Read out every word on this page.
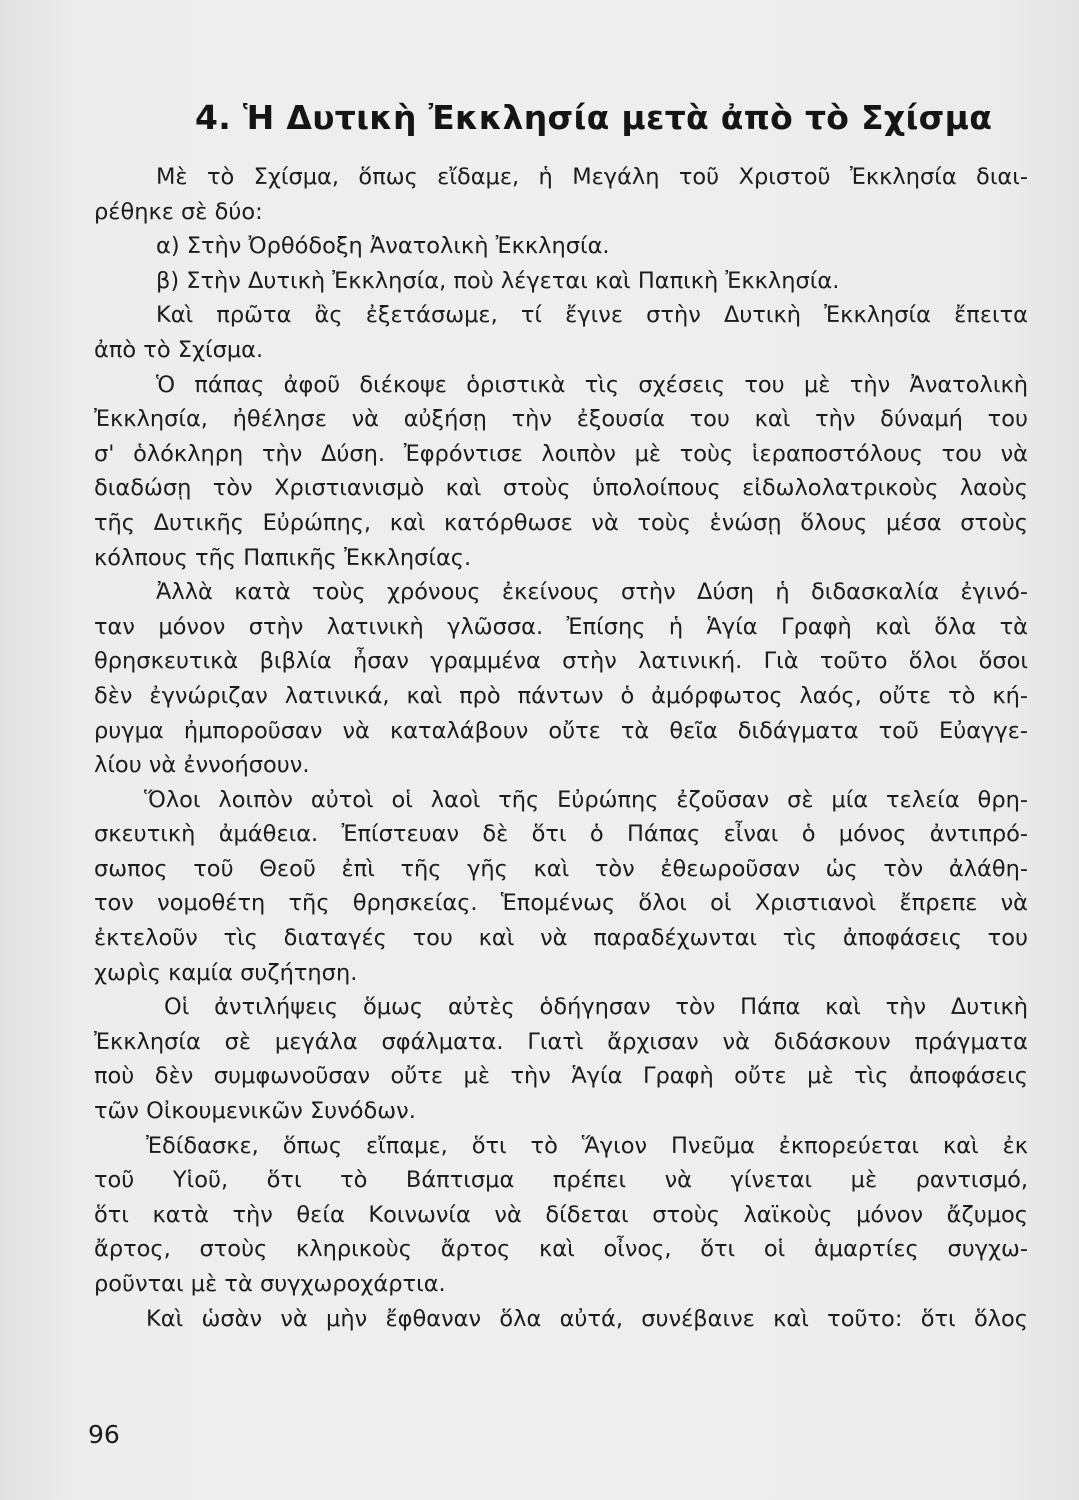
4. Ἡ Δυτικὴ Ἐκκλησία μετὰ ἀπὸ τὸ Σχίσμα
Μὲ τὸ Σχίσμα, ὅπως εἴδαμε, ἡ Μεγάλη τοῦ Χριστοῦ Ἐκκλησία διαι-
ρέθηκε σὲ δύο:
α) Στὴν Ὀρθόδοξη Ἀνατολικὴ Ἐκκλησία.
β) Στὴν Δυτικὴ Ἐκκλησία, ποὺ λέγεται καὶ Παπικὴ Ἐκκλησία.
Καὶ πρῶτα ἂς ἐξετάσωμε, τί ἔγινε στὴν Δυτικὴ Ἐκκλησία ἔπειτα
ἀπὸ τὸ Σχίσμα.
Ὁ πάπας ἀφοῦ διέκοψε ὁριστικὰ τὶς σχέσεις του μὲ τὴν Ἀνατολικὴ
Ἐκκλησία, ἠθέλησε νὰ αὐξήσῃ τὴν ἐξουσία του καὶ τὴν δύναμή του
σ' ὁλόκληρη τὴν Δύση. Ἐφρόντισε λοιπὸν μὲ τοὺς ἱεραποστόλους του νὰ
διαδώσῃ τὸν Χριστιανισμὸ καὶ στοὺς ὑπολοίπους εἰδωλολατρικοὺς λαοὺς
τῆς Δυτικῆς Εὐρώπης, καὶ κατόρθωσε νὰ τοὺς ἑνώσῃ ὅλους μέσα στοὺς
κόλπους τῆς Παπικῆς Ἐκκλησίας.
Ἀλλὰ κατὰ τοὺς χρόνους ἐκείνους στὴν Δύση ἡ διδασκαλία ἐγινό-
ταν μόνον στὴν λατινικὴ γλῶσσα. Ἐπίσης ἡ Ἁγία Γραφὴ καὶ ὅλα τὰ
θρησκευτικὰ βιβλία ἦσαν γραμμένα στὴν λατινική. Γιὰ τοῦτο ὅλοι ὅσοι
δὲν ἐγνώριζαν λατινικά, καὶ πρὸ πάντων ὁ ἀμόρφωτος λαός, οὔτε τὸ κή-
ρυγμα ἠμποροῦσαν νὰ καταλάβουν οὔτε τὰ θεῖα διδάγματα τοῦ Εὐαγγε-
λίου νὰ ἐννοήσουν.
Ὅλοι λοιπὸν αὐτοὶ οἱ λαοὶ τῆς Εὐρώπης ἐζοῦσαν σὲ μία τελεία θρη-
σκευτικὴ ἀμάθεια. Ἐπίστευαν δὲ ὅτι ὁ Πάπας εἶναι ὁ μόνος ἀντιπρό-
σωπος τοῦ Θεοῦ ἐπὶ τῆς γῆς καὶ τὸν ἐθεωροῦσαν ὡς τὸν ἀλάθη-
τον νομοθέτη τῆς θρησκείας. Ἑπομένως ὅλοι οἱ Χριστιανοὶ ἔπρεπε νὰ
ἐκτελοῦν τὶς διαταγές του καὶ νὰ παραδέχωνται τὶς ἀποφάσεις του
χωρὶς καμία συζήτηση.
Οἱ ἀντιλήψεις ὅμως αὐτὲς ὁδήγησαν τὸν Πάπα καὶ τὴν Δυτικὴ
Ἐκκλησία σὲ μεγάλα σφάλματα. Γιατὶ ἄρχισαν νὰ διδάσκουν πράγματα
ποὺ δὲν συμφωνοῦσαν οὔτε μὲ τὴν Ἁγία Γραφὴ οὔτε μὲ τὶς ἀποφάσεις
τῶν Οἰκουμενικῶν Συνόδων.
Ἐδίδασκε, ὅπως εἴπαμε, ὅτι τὸ Ἅγιον Πνεῦμα ἐκπορεύεται καὶ ἐκ
τοῦ Υἱοῦ, ὅτι τὸ Βάπτισμα πρέπει νὰ γίνεται μὲ ραντισμό,
ὅτι κατὰ τὴν θεία Κοινωνία νὰ δίδεται στοὺς λαϊκοὺς μόνον ἄζυμος
ἄρτος, στοὺς κληρικοὺς ἄρτος καὶ οἶνος, ὅτι οἱ ἁμαρτίες συγχω-
ροῦνται μὲ τὰ συγχωροχάρτια.
Καὶ ὡσὰν νὰ μὴν ἔφθαναν ὅλα αὐτά, συνέβαινε καὶ τοῦτο: ὅτι ὅλος
96
